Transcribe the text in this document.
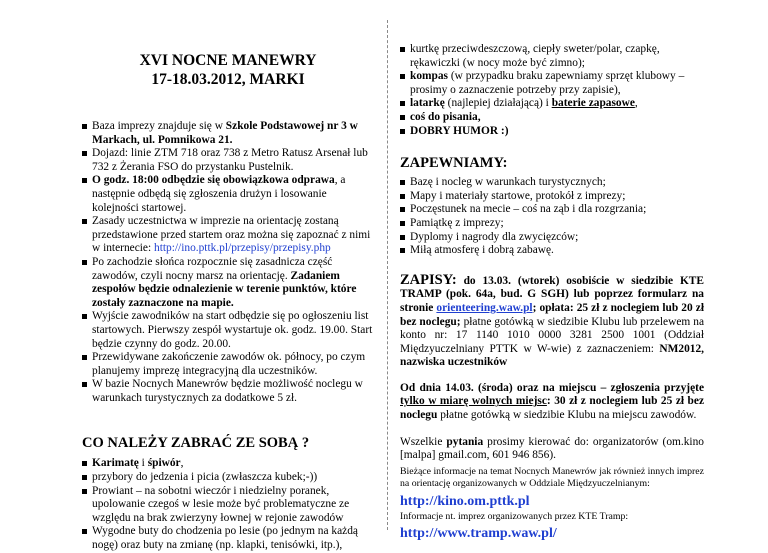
XVI NOCNE MANEWRY
17-18.03.2012, MARKI
Baza imprezy znajduje się w Szkole Podstawowej nr 3 w Markach, ul. Pomnikowa 21.
Dojazd: linie ZTM 718 oraz 738 z Metro Ratusz Arsenał lub 732 z Żerania FSO do przystanku Pustelnik.
O godz. 18:00 odbędzie się obowiązkowa odprawa, a następnie odbędą się zgłoszenia drużyn i losowanie kolejności startowej.
Zasady uczestnictwa w imprezie na orientację zostaną przedstawione przed startem oraz można się zapoznać z nimi w internecie: http://ino.pttk.pl/przepisy/przepisy.php
Po zachodzie słońca rozpocznie się zasadnicza część zawodów, czyli nocny marsz na orientację. Zadaniem zespołów będzie odnalezienie w terenie punktów, które zostały zaznaczone na mapie.
Wyjście zawodników na start odbędzie się po ogłoszeniu list startowych. Pierwszy zespół wystartuje ok. godz. 19.00. Start będzie czynny do godz. 20.00.
Przewidywane zakończenie zawodów ok. północy, po czym planujemy imprezę integracyjną dla uczestników.
W bazie Nocnych Manewrów będzie możliwość noclegu w warunkach turystycznych za dodatkowe 5 zł.
CO NALEŻY ZABRAĆ ZE SOBĄ ?
Karimatę i śpiwór,
przybory do jedzenia i picia (zwłaszcza kubek;-))
Prowiant – na sobotni wieczór i niedzielny poranek, upolowanie czegoś w lesie może być problematyczne ze względu na brak zwierzyny łownej w rejonie zawodów
Wygodne buty do chodzenia po lesie (po jednym na każdą nogę) oraz buty na zmianę (np. klapki, tenisówki, itp.),
kurtkę przeciwdeszczową, ciepły sweter/polar, czapkę, rękawiczki (w nocy może być zimno);
kompas (w przypadku braku zapewniamy sprzęt klubowy – prosimy o zaznaczenie potrzeby przy zapisie),
latarkę (najlepiej działającą) i baterie zapasowe,
coś do pisania,
DOBRY HUMOR :)
ZAPEWNIAMY:
Bazę i nocleg w warunkach turystycznych;
Mapy i materiały startowe, protokół z imprezy;
Poczęstunek na mecie – coś na ząb i dla rozgrzania;
Pamiątkę z imprezy;
Dyplomy i nagrody dla zwycięzców;
Miłą atmosferę i dobrą zabawę.
ZAPISY: do 13.03. (wtorek) osobiście w siedzibie KTE TRAMP (pok. 64a, bud. G SGH) lub poprzez formularz na stronie orienteering.waw.pl; opłata: 25 zł z noclegiem lub 20 zł bez noclegu; płatne gotówką w siedzibie Klubu lub przelewem na konto nr: 17 1140 1010 0000 3281 2500 1001 (Oddział Międzyuczelniany PTTK w W-wie) z zaznaczeniem: NM2012, nazwiska uczestników
Od dnia 14.03. (środa) oraz na miejscu – zgłoszenia przyjęte tylko w miarę wolnych miejsc: 30 zł z noclegiem lub 25 zł bez noclegu płatne gotówką w siedzibie Klubu na miejscu zawodów.
Wszelkie pytania prosimy kierować do: organizatorów (om.kino [malpa] gmail.com, 601 946 856).
Bieżące informacje na temat Nocnych Manewrów jak również innych imprez na orientację organizowanych w Oddziale Międzyuczelnianym:
http://kino.om.pttk.pl
Informacje nt. imprez organizowanych przez KTE Tramp:
http://www.tramp.waw.pl/
